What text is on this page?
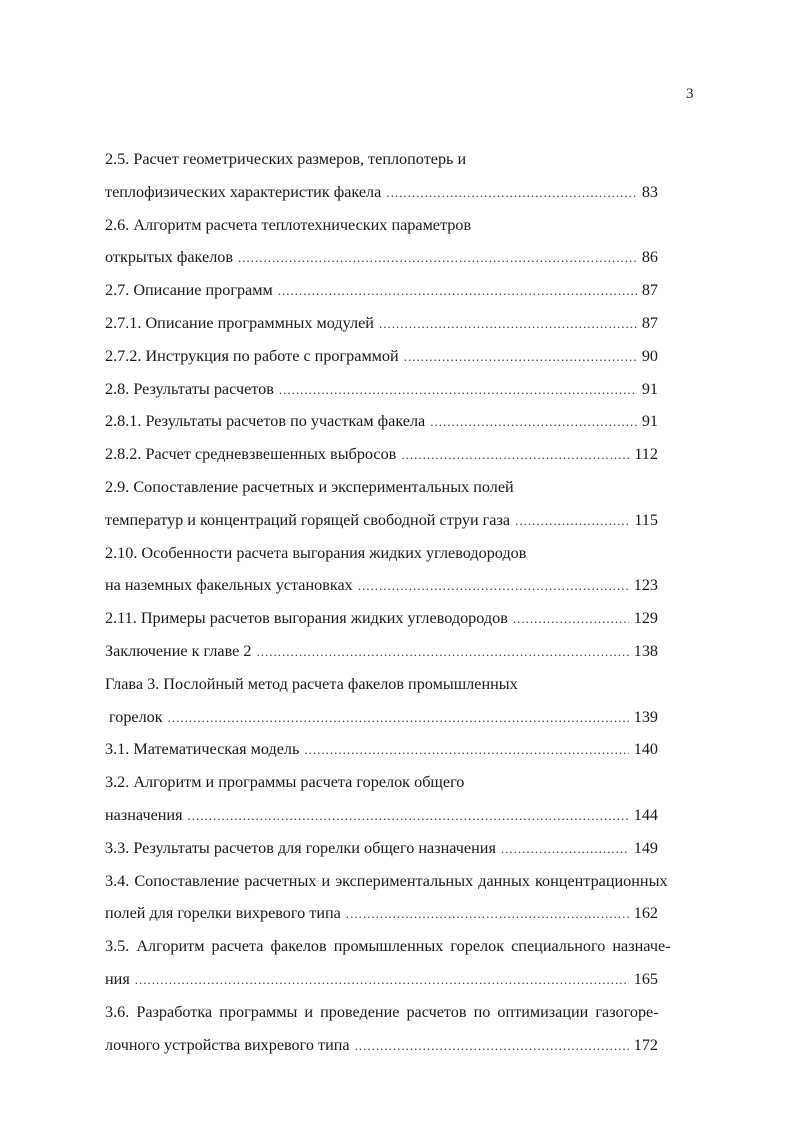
3
2.5. Расчет геометрических размеров, теплопотерь и
теплофизических характеристик факела .....	83
2.6. Алгоритм расчета теплотехнических параметров
открытых факелов .....	86
2.7. Описание программ .....	87
2.7.1. Описание программных модулей .....	87
2.7.2. Инструкция по работе с программой .....	90
2.8. Результаты расчетов .....	91
2.8.1. Результаты расчетов по участкам факела .....	91
2.8.2. Расчет средневзвешенных выбросов .....	112
2.9. Сопоставление расчетных и экспериментальных полей
температур и концентраций горящей свободной струи газа .....	115
2.10. Особенности расчета выгорания жидких углеводородов
на наземных факельных установках .....	123
2.11. Примеры расчетов выгорания жидких углеводородов .....	129
Заключение к главе 2 .....	138
Глава 3. Послойный метод расчета факелов промышленных
горелок .....	139
3.1. Математическая модель .....	140
3.2. Алгоритм и программы расчета горелок общего
назначения .....	144
3.3. Результаты расчетов для горелки общего назначения .....	149
3.4. Сопоставление расчетных и экспериментальных данных концентрационных
полей для горелки вихревого типа .....	162
3.5. Алгоритм расчета факелов промышленных горелок специального назначе-
ния .....	165
3.6. Разработка программы и проведение расчетов по оптимизации газогоре-
лочного устройства вихревого типа .....	172
